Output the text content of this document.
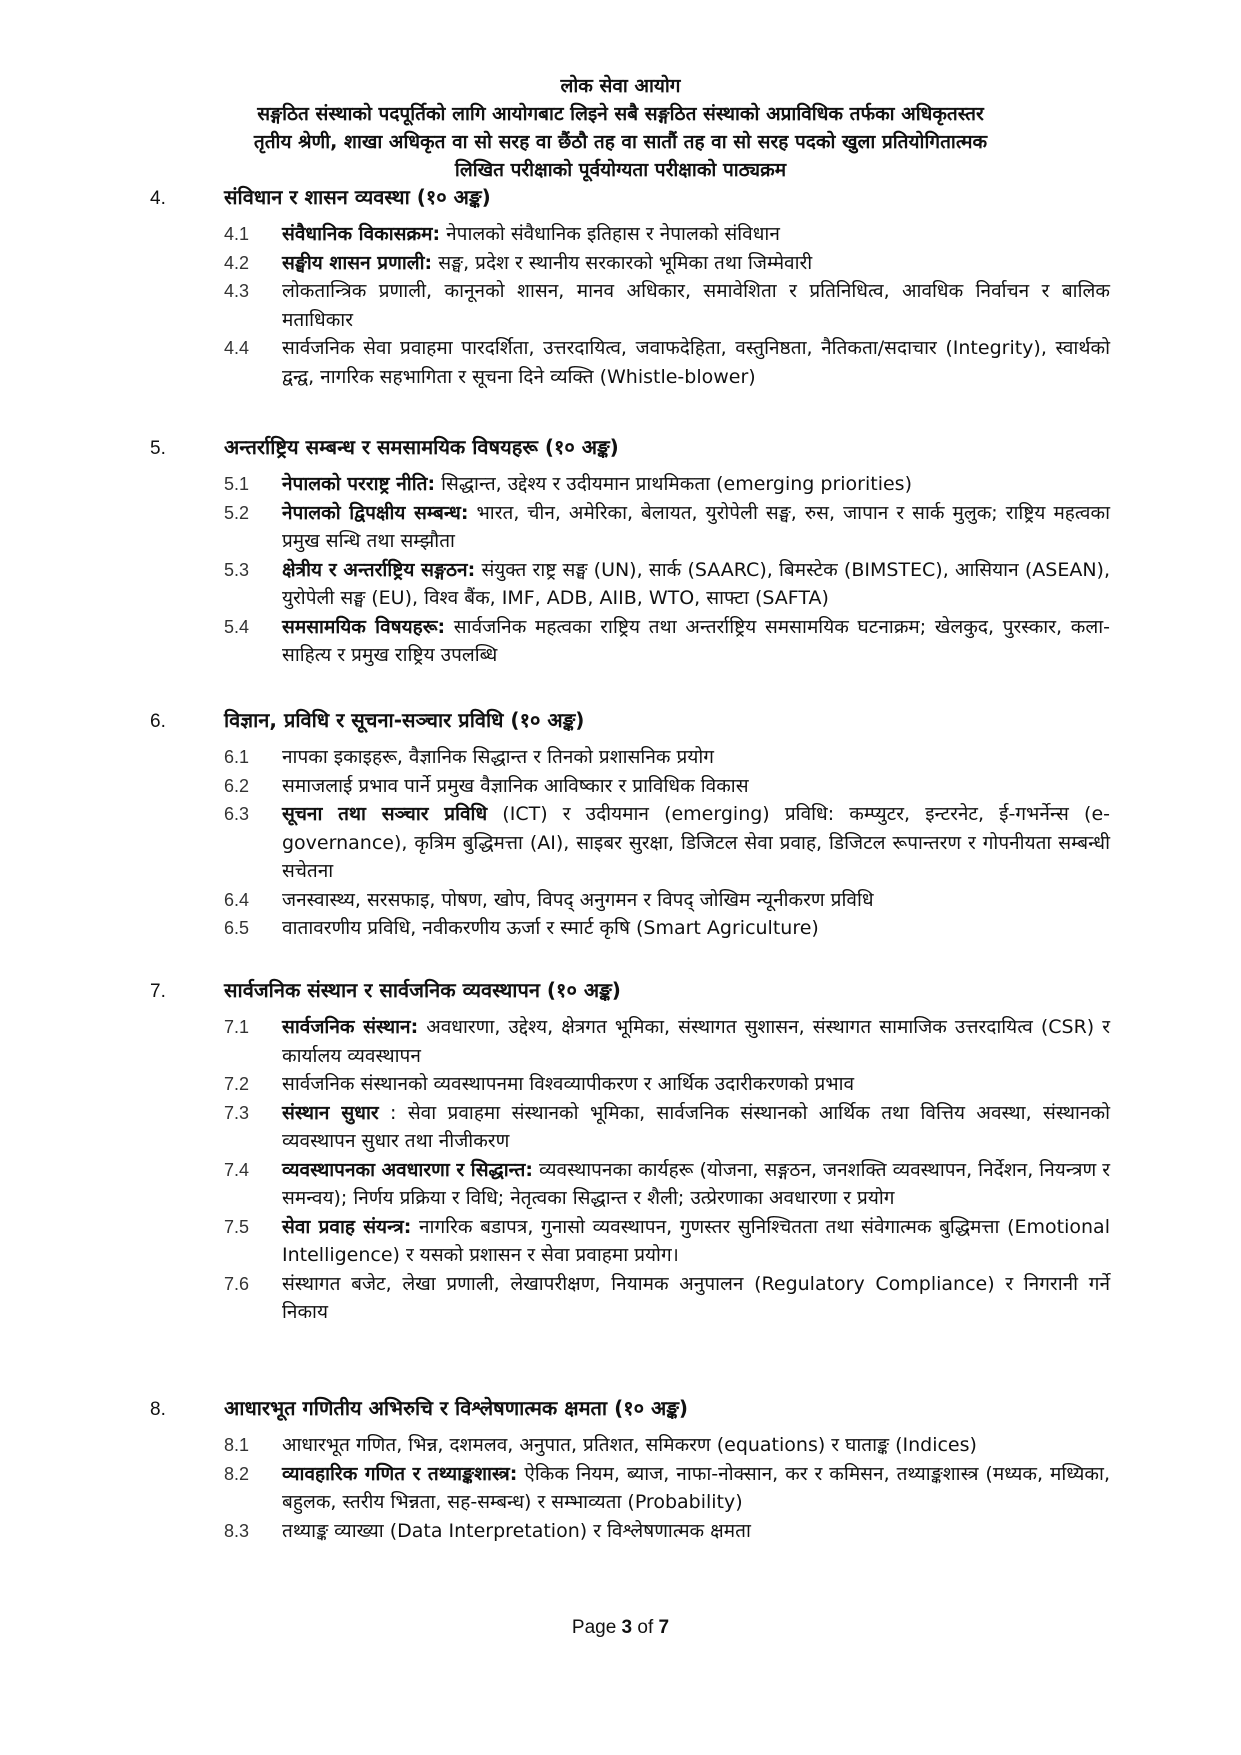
लोक सेवा आयोग
सङ्गठित संस्थाको पदपूर्तिको लागि आयोगबाट लिइने सबै सङ्गठित संस्थाको अप्राविधिक तर्फका अधिकृतस्तर
तृतीय श्रेणी, शाखा अधिकृत वा सो सरह वा छैंठौ तह वा सातौं तह वा सो सरह पदको खुला प्रतियोगितात्मक
लिखित परीक्षाको पूर्वयोग्यता परीक्षाको पाठ्यक्रम
4.	संविधान र शासन व्यवस्था (१० अङ्क)
4.1	संवैधानिक विकासक्रम: नेपालको संवैधानिक इतिहास र नेपालको संविधान
4.2	सङ्घीय शासन प्रणाली: सङ्घ, प्रदेश र स्थानीय सरकारको भूमिका तथा जिम्मेवारी
4.3	लोकतान्त्रिक प्रणाली, कानूनको शासन, मानव अधिकार, समावेशिता र प्रतिनिधित्व, आवधिक निर्वाचन र बालिक मताधिकार
4.4	सार्वजनिक सेवा प्रवाहमा पारदर्शिता, उत्तरदायित्व, जवाफदेहिता, वस्तुनिष्ठता, नैतिकता/सदाचार (Integrity), स्वार्थको द्वन्द्व, नागरिक सहभागिता र सूचना दिने व्यक्ति (Whistle-blower)
5.	अन्तर्राष्ट्रिय सम्बन्ध र समसामयिक विषयहरू (१० अङ्क)
5.1	नेपालको परराष्ट्र नीति: सिद्धान्त, उद्देश्य र उदीयमान प्राथमिकता (emerging priorities)
5.2	नेपालको द्विपक्षीय सम्बन्ध: भारत, चीन, अमेरिका, बेलायत, युरोपेली सङ्घ, रुस, जापान र सार्क मुलुक; राष्ट्रिय महत्वका प्रमुख सन्धि तथा सम्झौता
5.3	क्षेत्रीय र अन्तर्राष्ट्रिय सङ्गठन: संयुक्त राष्ट्र सङ्घ (UN), सार्क (SAARC), बिमस्टेक (BIMSTEC), आसियान (ASEAN), युरोपेली सङ्घ (EU), विश्व बैंक, IMF, ADB, AIIB, WTO, साफ्टा (SAFTA)
5.4	समसामयिक विषयहरू: सार्वजनिक महत्वका राष्ट्रिय तथा अन्तर्राष्ट्रिय समसामयिक घटनाक्रम; खेलकुद, पुरस्कार, कला-साहित्य र प्रमुख राष्ट्रिय उपलब्धि
6.	विज्ञान, प्रविधि र सूचना-सञ्चार प्रविधि (१० अङ्क)
6.1	नापका इकाइहरू, वैज्ञानिक सिद्धान्त र तिनको प्रशासनिक प्रयोग
6.2	समाजलाई प्रभाव पार्ने प्रमुख वैज्ञानिक आविष्कार र प्राविधिक विकास
6.3	सूचना तथा सञ्चार प्रविधि (ICT) र उदीयमान (emerging) प्रविधि: कम्प्युटर, इन्टरनेट, ई-गभर्नेन्स (e-governance), कृत्रिम बुद्धिमत्ता (AI), साइबर सुरक्षा, डिजिटल सेवा प्रवाह, डिजिटल रूपान्तरण र गोपनीयता सम्बन्धी सचेतना
6.4	जनस्वास्थ्य, सरसफाइ, पोषण, खोप, विपद् अनुगमन र विपद् जोखिम न्यूनीकरण प्रविधि
6.5	वातावरणीय प्रविधि, नवीकरणीय ऊर्जा र स्मार्ट कृषि (Smart Agriculture)
7.	सार्वजनिक संस्थान र सार्वजनिक व्यवस्थापन (१० अङ्क)
7.1	सार्वजनिक संस्थान: अवधारणा, उद्देश्य, क्षेत्रगत भूमिका, संस्थागत सुशासन, संस्थागत सामाजिक उत्तरदायित्व (CSR) र कार्यालय व्यवस्थापन
7.2	सार्वजनिक संस्थानको व्यवस्थापनमा विश्वव्यापीकरण र आर्थिक उदारीकरणको प्रभाव
7.3	संस्थान सुधार : सेवा प्रवाहमा संस्थानको भूमिका, सार्वजनिक संस्थानको आर्थिक तथा वित्तिय अवस्था, संस्थानको व्यवस्थापन सुधार तथा नीजीकरण
7.4	व्यवस्थापनका अवधारणा र सिद्धान्त: व्यवस्थापनका कार्यहरू (योजना, सङ्गठन, जनशक्ति व्यवस्थापन, निर्देशन, नियन्त्रण र समन्वय); निर्णय प्रक्रिया र विधि; नेतृत्वका सिद्धान्त र शैली; उत्प्रेरणाका अवधारणा र प्रयोग
7.5	सेवा प्रवाह संयन्त्र: नागरिक बडापत्र, गुनासो व्यवस्थापन, गुणस्तर सुनिश्चितता तथा संवेगात्मक बुद्धिमत्ता (Emotional Intelligence) र यसको प्रशासन र सेवा प्रवाहमा प्रयोग।
7.6	संस्थागत बजेट, लेखा प्रणाली, लेखापरीक्षण, नियामक अनुपालन (Regulatory Compliance) र निगरानी गर्ने निकाय
8.	आधारभूत गणितीय अभिरुचि र विश्लेषणात्मक क्षमता (१० अङ्क)
8.1	आधारभूत गणित, भिन्न, दशमलव, अनुपात, प्रतिशत, समिकरण (equations) र घाताङ्क (Indices)
8.2	व्यावहारिक गणित र तथ्याङ्कशास्त्र: ऐकिक नियम, ब्याज, नाफा-नोक्सान, कर र कमिसन, तथ्याङ्कशास्त्र (मध्यक, मध्यिका, बहुलक, स्तरीय भिन्नता, सह-सम्बन्ध) र सम्भाव्यता (Probability)
8.3	तथ्याङ्क व्याख्या (Data Interpretation) र विश्लेषणात्मक क्षमता
Page 3 of 7
